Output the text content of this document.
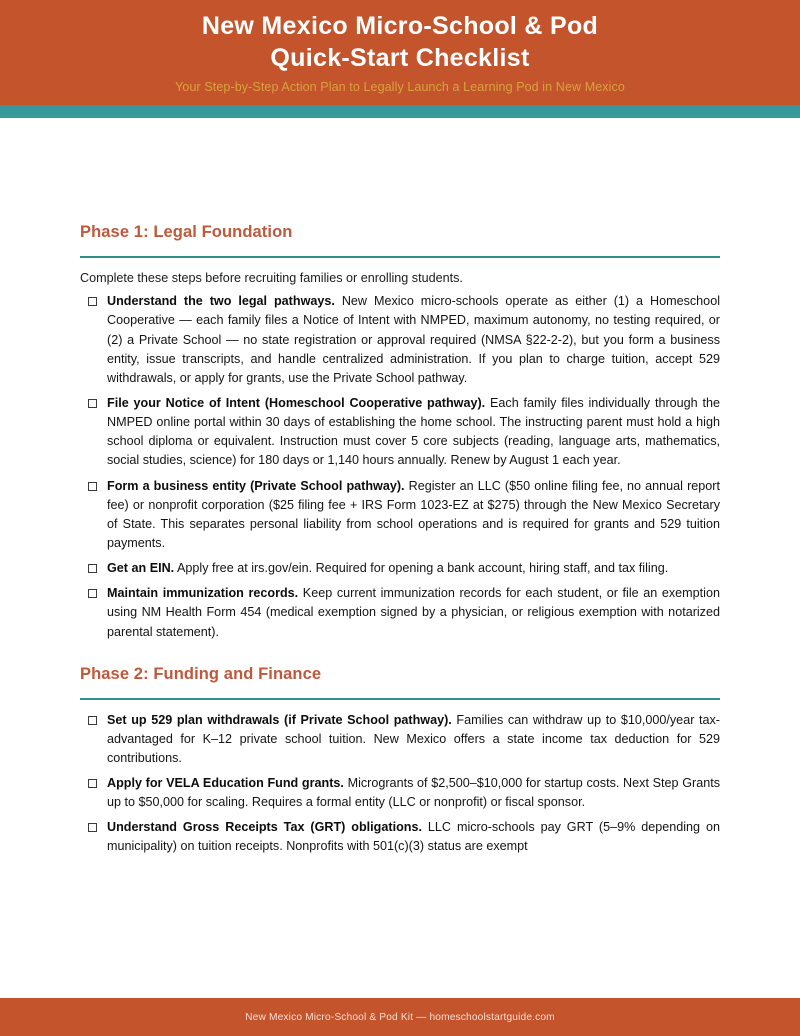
New Mexico Micro-School & Pod
Quick-Start Checklist

Your Step-by-Step Action Plan to Legally Launch a Learning Pod in New Mexico

Phase 1: Legal Foundation

Complete these steps before recruiting families or enrolling students.

Understand the two legal pathways. New Mexico micro-schools operate as either (1) a Homeschool Cooperative — each family files a Notice of Intent with NMPED, maximum autonomy, no testing required, or (2) a Private School — no state registration or approval required (NMSA §22-2-2), but you form a business entity, issue transcripts, and handle centralized administration. If you plan to charge tuition, accept 529 withdrawals, or apply for grants, use the Private School pathway.
File your Notice of Intent (Homeschool Cooperative pathway). Each family files individually through the NMPED online portal within 30 days of establishing the home school. The instructing parent must hold a high school diploma or equivalent. Instruction must cover 5 core subjects (reading, language arts, mathematics, social studies, science) for 180 days or 1,140 hours annually. Renew by August 1 each year.
Form a business entity (Private School pathway). Register an LLC ($50 online filing fee, no annual report fee) or nonprofit corporation ($25 filing fee + IRS Form 1023-EZ at $275) through the New Mexico Secretary of State. This separates personal liability from school operations and is required for grants and 529 tuition payments.
Get an EIN. Apply free at irs.gov/ein. Required for opening a bank account, hiring staff, and tax filing.
Maintain immunization records. Keep current immunization records for each student, or file an exemption using NM Health Form 454 (medical exemption signed by a physician, or religious exemption with notarized parental statement).
Phase 2: Funding and Finance
Set up 529 plan withdrawals (if Private School pathway). Families can withdraw up to $10,000/year tax-advantaged for K–12 private school tuition. New Mexico offers a state income tax deduction for 529 contributions.
Apply for VELA Education Fund grants. Microgrants of $2,500–$10,000 for startup costs. Next Step Grants up to $50,000 for scaling. Requires a formal entity (LLC or nonprofit) or fiscal sponsor.
Understand Gross Receipts Tax (GRT) obligations. LLC micro-schools pay GRT (5–9% depending on municipality) on tuition receipts. Nonprofits with 501(c)(3) status are exempt
New Mexico Micro-School & Pod Kit — homeschoolstartguide.com
